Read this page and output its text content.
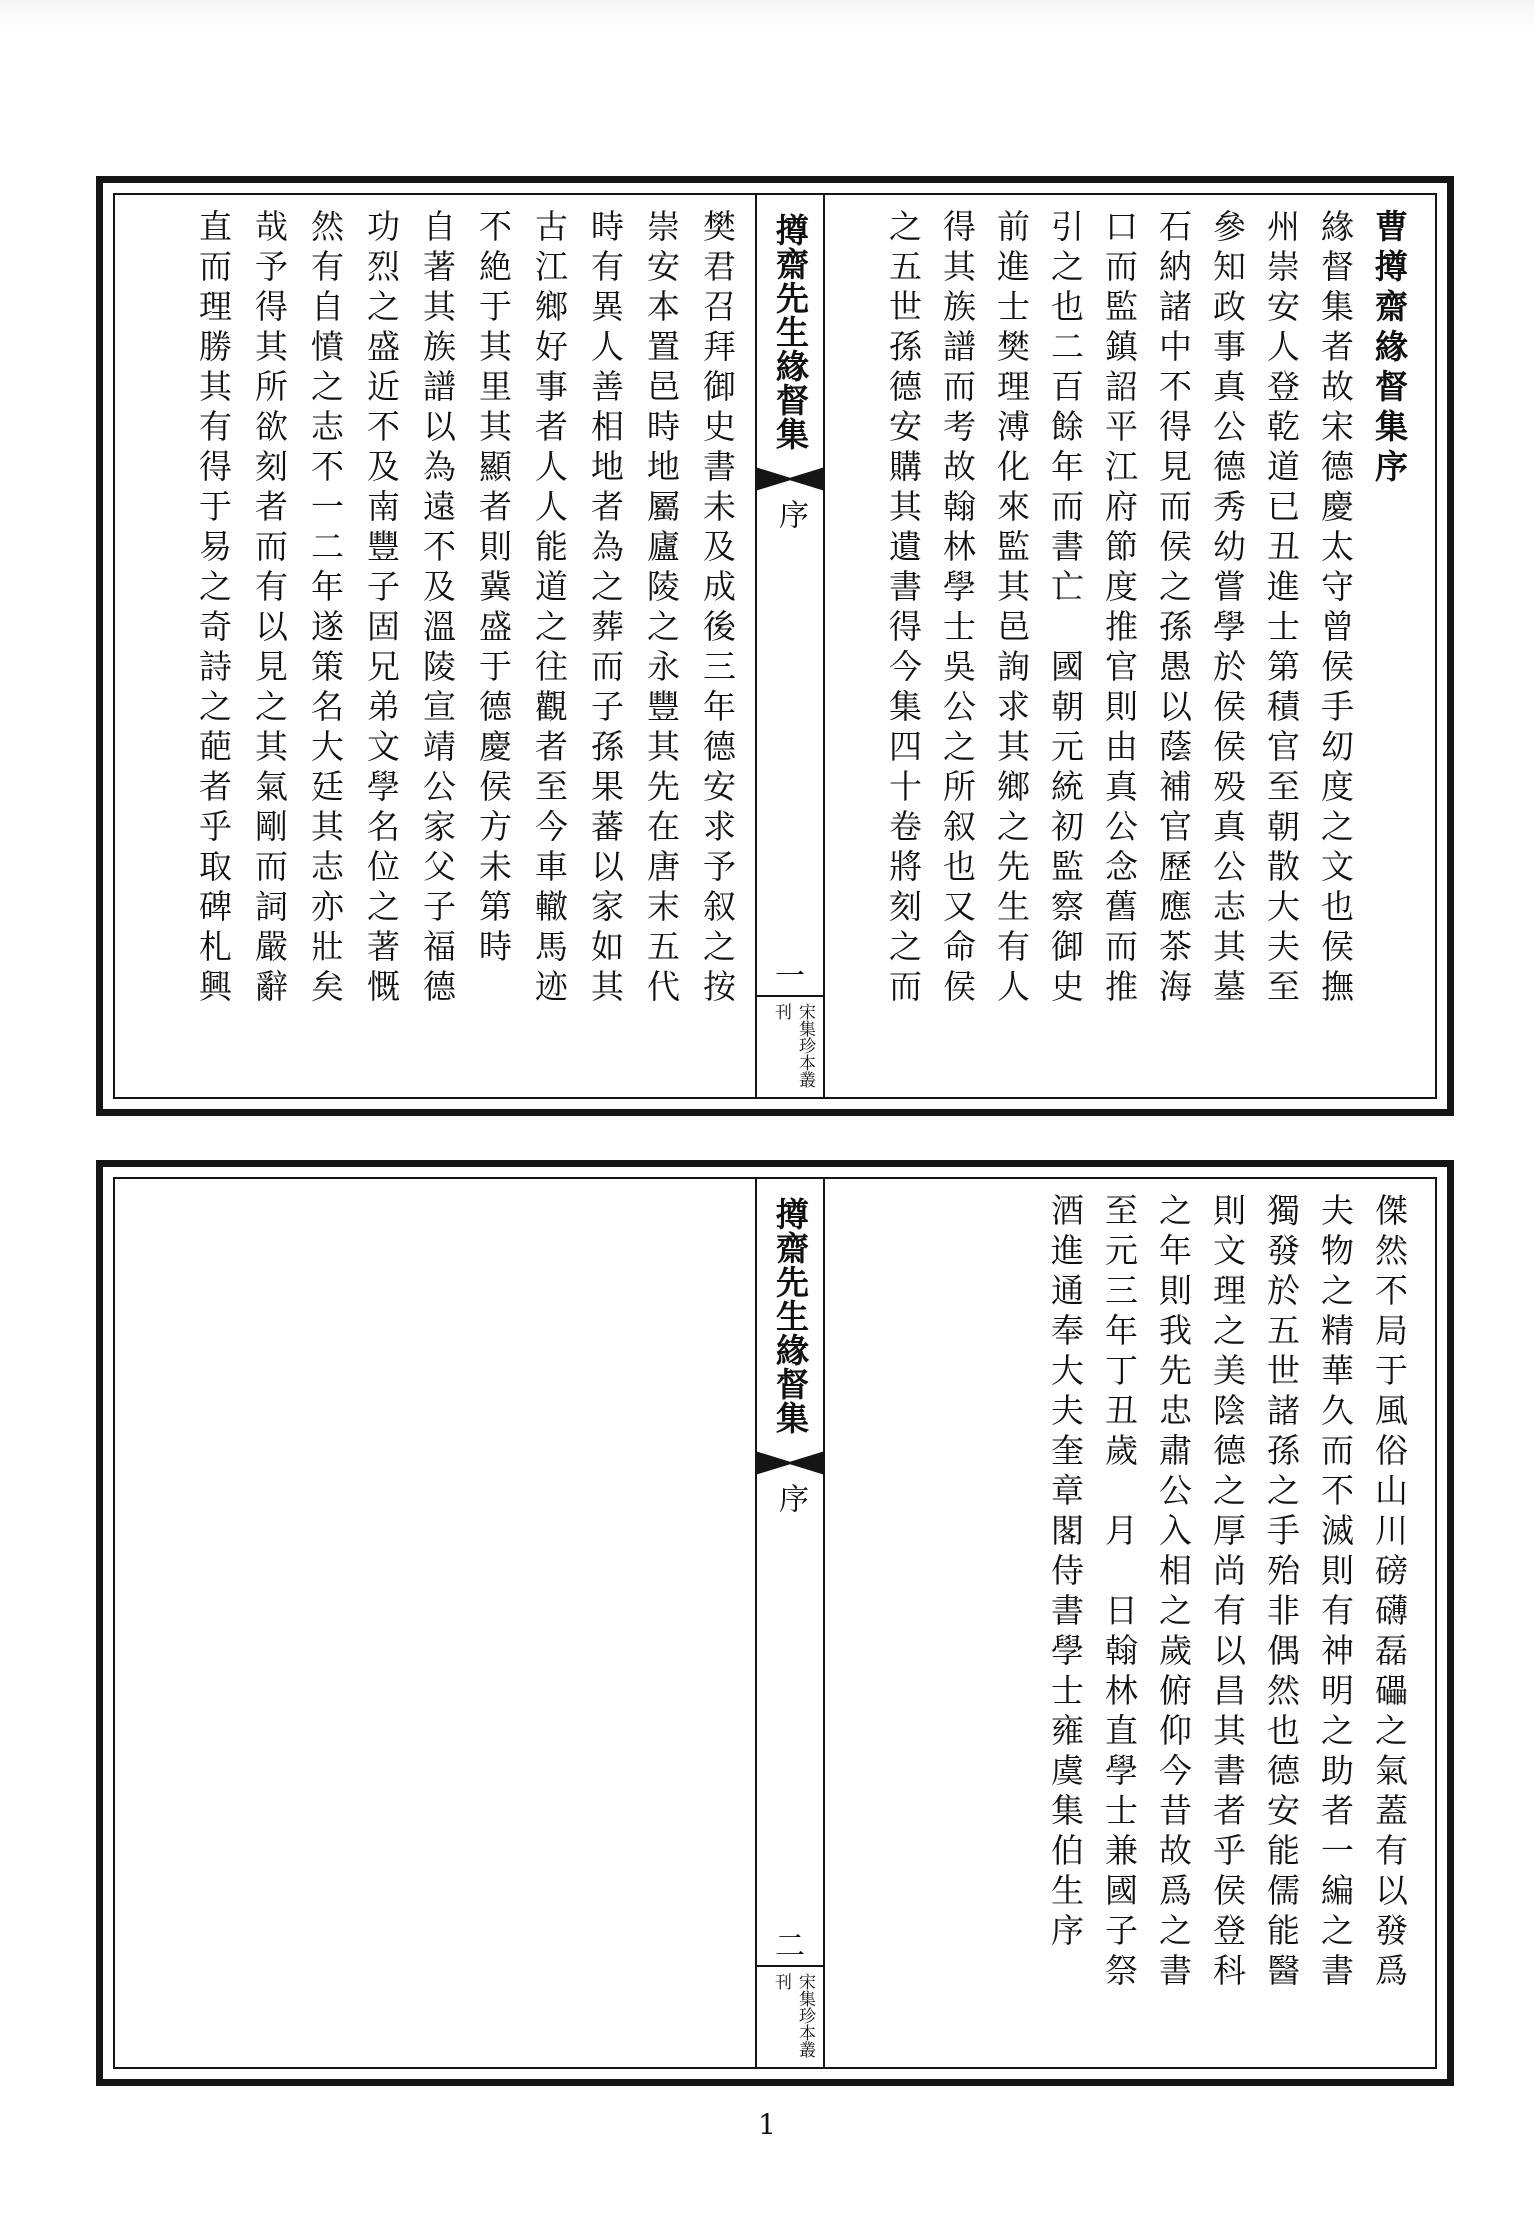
曹撙齋緣督集序
緣督集者故宋德慶太守曾侯手㓜度之文也侯撫
州崇安人登乾道已丑進士第積官至朝散大夫至
參知政事真公德秀幼嘗學於侯侯殁真公志其墓
石納諸中不得見而侯之孫愚以蔭補官歷應茶海
口而監鎮詔平江府節度推官則由真公念舊而推
引之也二百餘年而書亡　國朝元統初監察御史
前進士樊理溥化來監其邑詢求其鄉之先生有人
得其族譜而考故翰林學士吳公之所叙也又命侯
之五世孫德安購其遺書得今集四十卷將刻之而
撙齋先生緣督集
序
一
宋集珍本叢刊
樊君召拜御史書未及成後三年德安求予叙之按
崇安本置邑時地屬廬陵之永豐其先在唐末五代
時有異人善相地者為之葬而子孫果蕃以家如其
古江鄉好事者人人能道之往觀者至今車轍馬迹
不絶于其里其顯者則冀盛于德慶侯方未第時
自著其族譜以為遠不及溫陵宣靖公家父子福德
功烈之盛近不及南豐子固兄弟文學名位之著慨
然有自憤之志不一二年遂策名大廷其志亦壯矣
哉予得其所欲刻者而有以見之其氣剛而詞嚴辭
直而理勝其有得于易之奇詩之葩者乎取碑札興
傑然不局于風俗山川磅礴磊礧之氣蓋有以發爲
夫物之精華久而不滅則有神明之助者一編之書
獨發於五世諸孫之手殆非偶然也德安能儒能醫
則文理之美陰德之厚尚有以昌其書者乎侯登科
之年則我先忠肅公入相之歲俯仰今昔故爲之書
至元三年丁丑歲　月　日翰林直學士兼國子祭
酒進通奉大夫奎章閣侍書學士雍虞集伯生序
撙齋先生緣督集
序
二
宋集珍本叢刊
1
